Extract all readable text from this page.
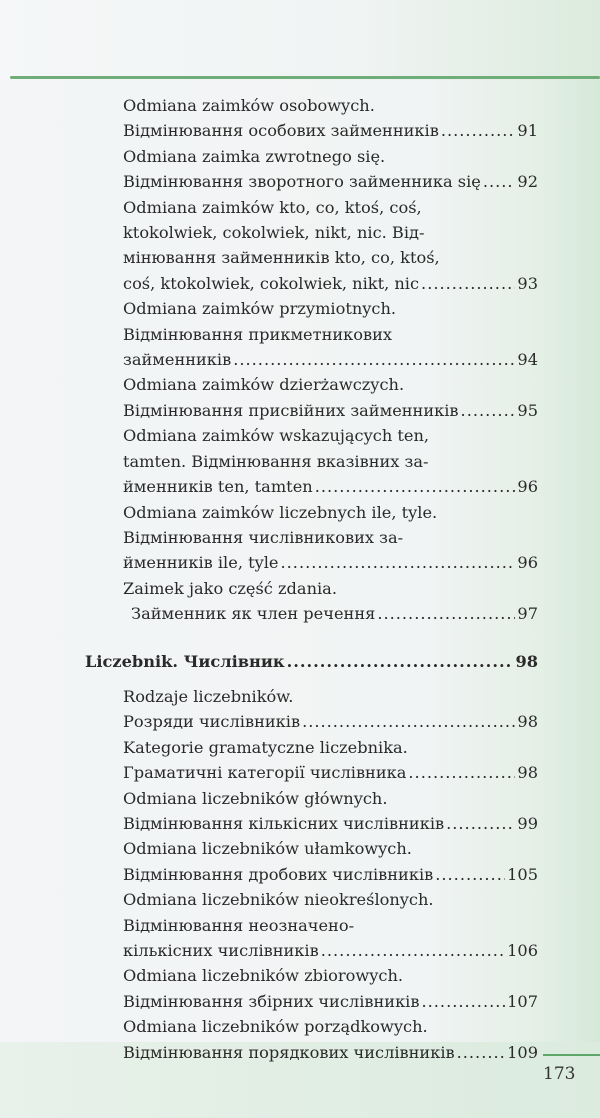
173
Odmiana zaimków osobowych.
Відмінювання особових займенників .....	91
Odmiana zaimka zwrotnego się.
Відмінювання зворотного займенника się ..... 92
Odmiana zaimków kto, co, ktoś, coś,
ktokolwiek, cokolwiek, nikt, nic. Від-
мінювання займенників kto, co, ktoś,
coś, ktokolwiek, cokolwiek, nikt, nic .....	93
Odmiana zaimków przymiotnych.
Відмінювання прикметникових
займенників .....	94
Odmiana zaimków dzierżawczych.
Відмінювання присвійних займенників .....	95
Odmiana zaimków wskazujących ten,
tamten. Відмінювання вказівних за-
йменників ten, tamten .....	96
Odmiana zaimków liczebnych ile, tyle.
Відмінювання числівникових за-
йменників ile, tyle .....	96
Zaimek jako część zdania.
Займенник як член речення .....	97
Liczebnik. Числівник .....	98
Rodzaje liczebników.
Розряди числівників .....	98
Kategorie gramatyczne liczebnika.
Граматичні категорії числівника .....	98
Odmiana liczebników głównych.
Відмінювання кількісних числівників .....	99
Odmiana liczebników ułamkowych.
Відмінювання дробових числівників .....	105
Odmiana liczebników nieokreślonych.
Відмінювання неозначено-
кількісних числівників .....	106
Odmiana liczebników zbiorowych.
Відмінювання збірних числівників .....	107
Odmiana liczebników porządkowych.
Відмінювання порядкових числівників .....	109
